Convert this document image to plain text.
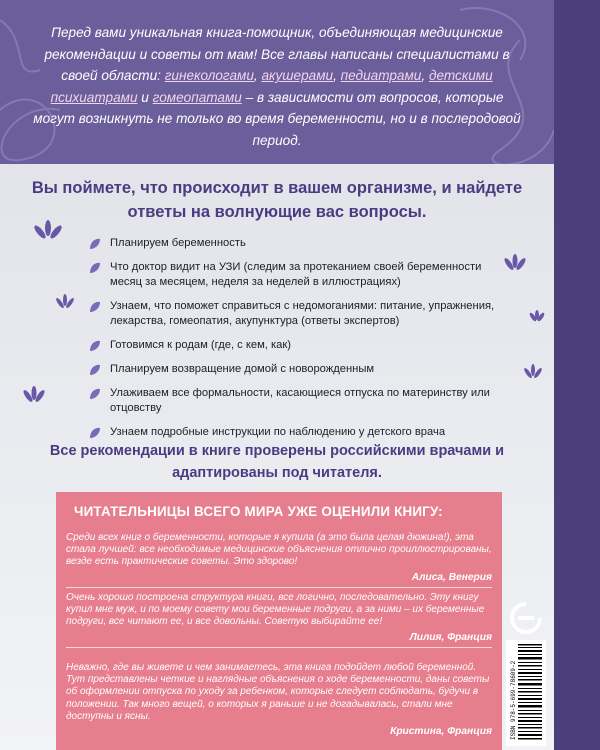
Перед вами уникальная книга-помощник, объединяющая медицинские рекомендации и советы от мам! Все главы написаны специалистами в своей области: гинекологами, акушерами, педиатрами, детскими психиатрами и гомеопатами – в зависимости от вопросов, которые могут возникнуть не только во время беременности, но и в послеродовой период.

Вы поймете, что происходит в вашем организме, и найдете ответы на волнующие вас вопросы.

Планируем беременность
Что доктор видит на УЗИ (следим за протеканием своей беременности месяц за месяцем, неделя за неделей в иллюстрациях)
Узнаем, что поможет справиться с недомоганиями: питание, упражнения, лекарства, гомеопатия, акупунктура (ответы экспертов)
Готовимся к родам (где, с кем, как)
Планируем возвращение домой с новорожденным
Улаживаем все формальности, касающиеся отпуска по материнству или отцовству
Узнаем подробные инструкции по наблюдению у детского врача

Все рекомендации в книге проверены российскими врачами и адаптированы под читателя.

ЧИТАТЕЛЬНИЦЫ ВСЕГО МИРА УЖЕ ОЦЕНИЛИ КНИГУ:

Среди всех книг о беременности, которые я купила (а это была целая дюжина!), эта стала лучшей: все необходимые медицинские объяснения отлично проиллюстрированы, везде есть практические советы. Это здорово!

Алиса, Венерия

Очень хорошо построена структура книги, все логично, последовательно. Эту книгу купил мне муж, и по моему совету мои беременные подруги, а за ними – их беременные подруги, все читают ее, и все довольны. Советую выбирайте ее!

Лилия, Франция

Неважно, где вы живете и чем занимаетесь, эта книга подойдет любой беременной. Тут представлены четкие и наглядные объяснения о ходе беременности, даны советы об оформлении отпуска по уходу за ребенком, которые следует соблюдать, будучи в положении. Так много вещей, о которых я раньше и не догадывалась, стали мне доступны и ясны.

Кристина, Франция	ISBN 978-5-699-78609-2
